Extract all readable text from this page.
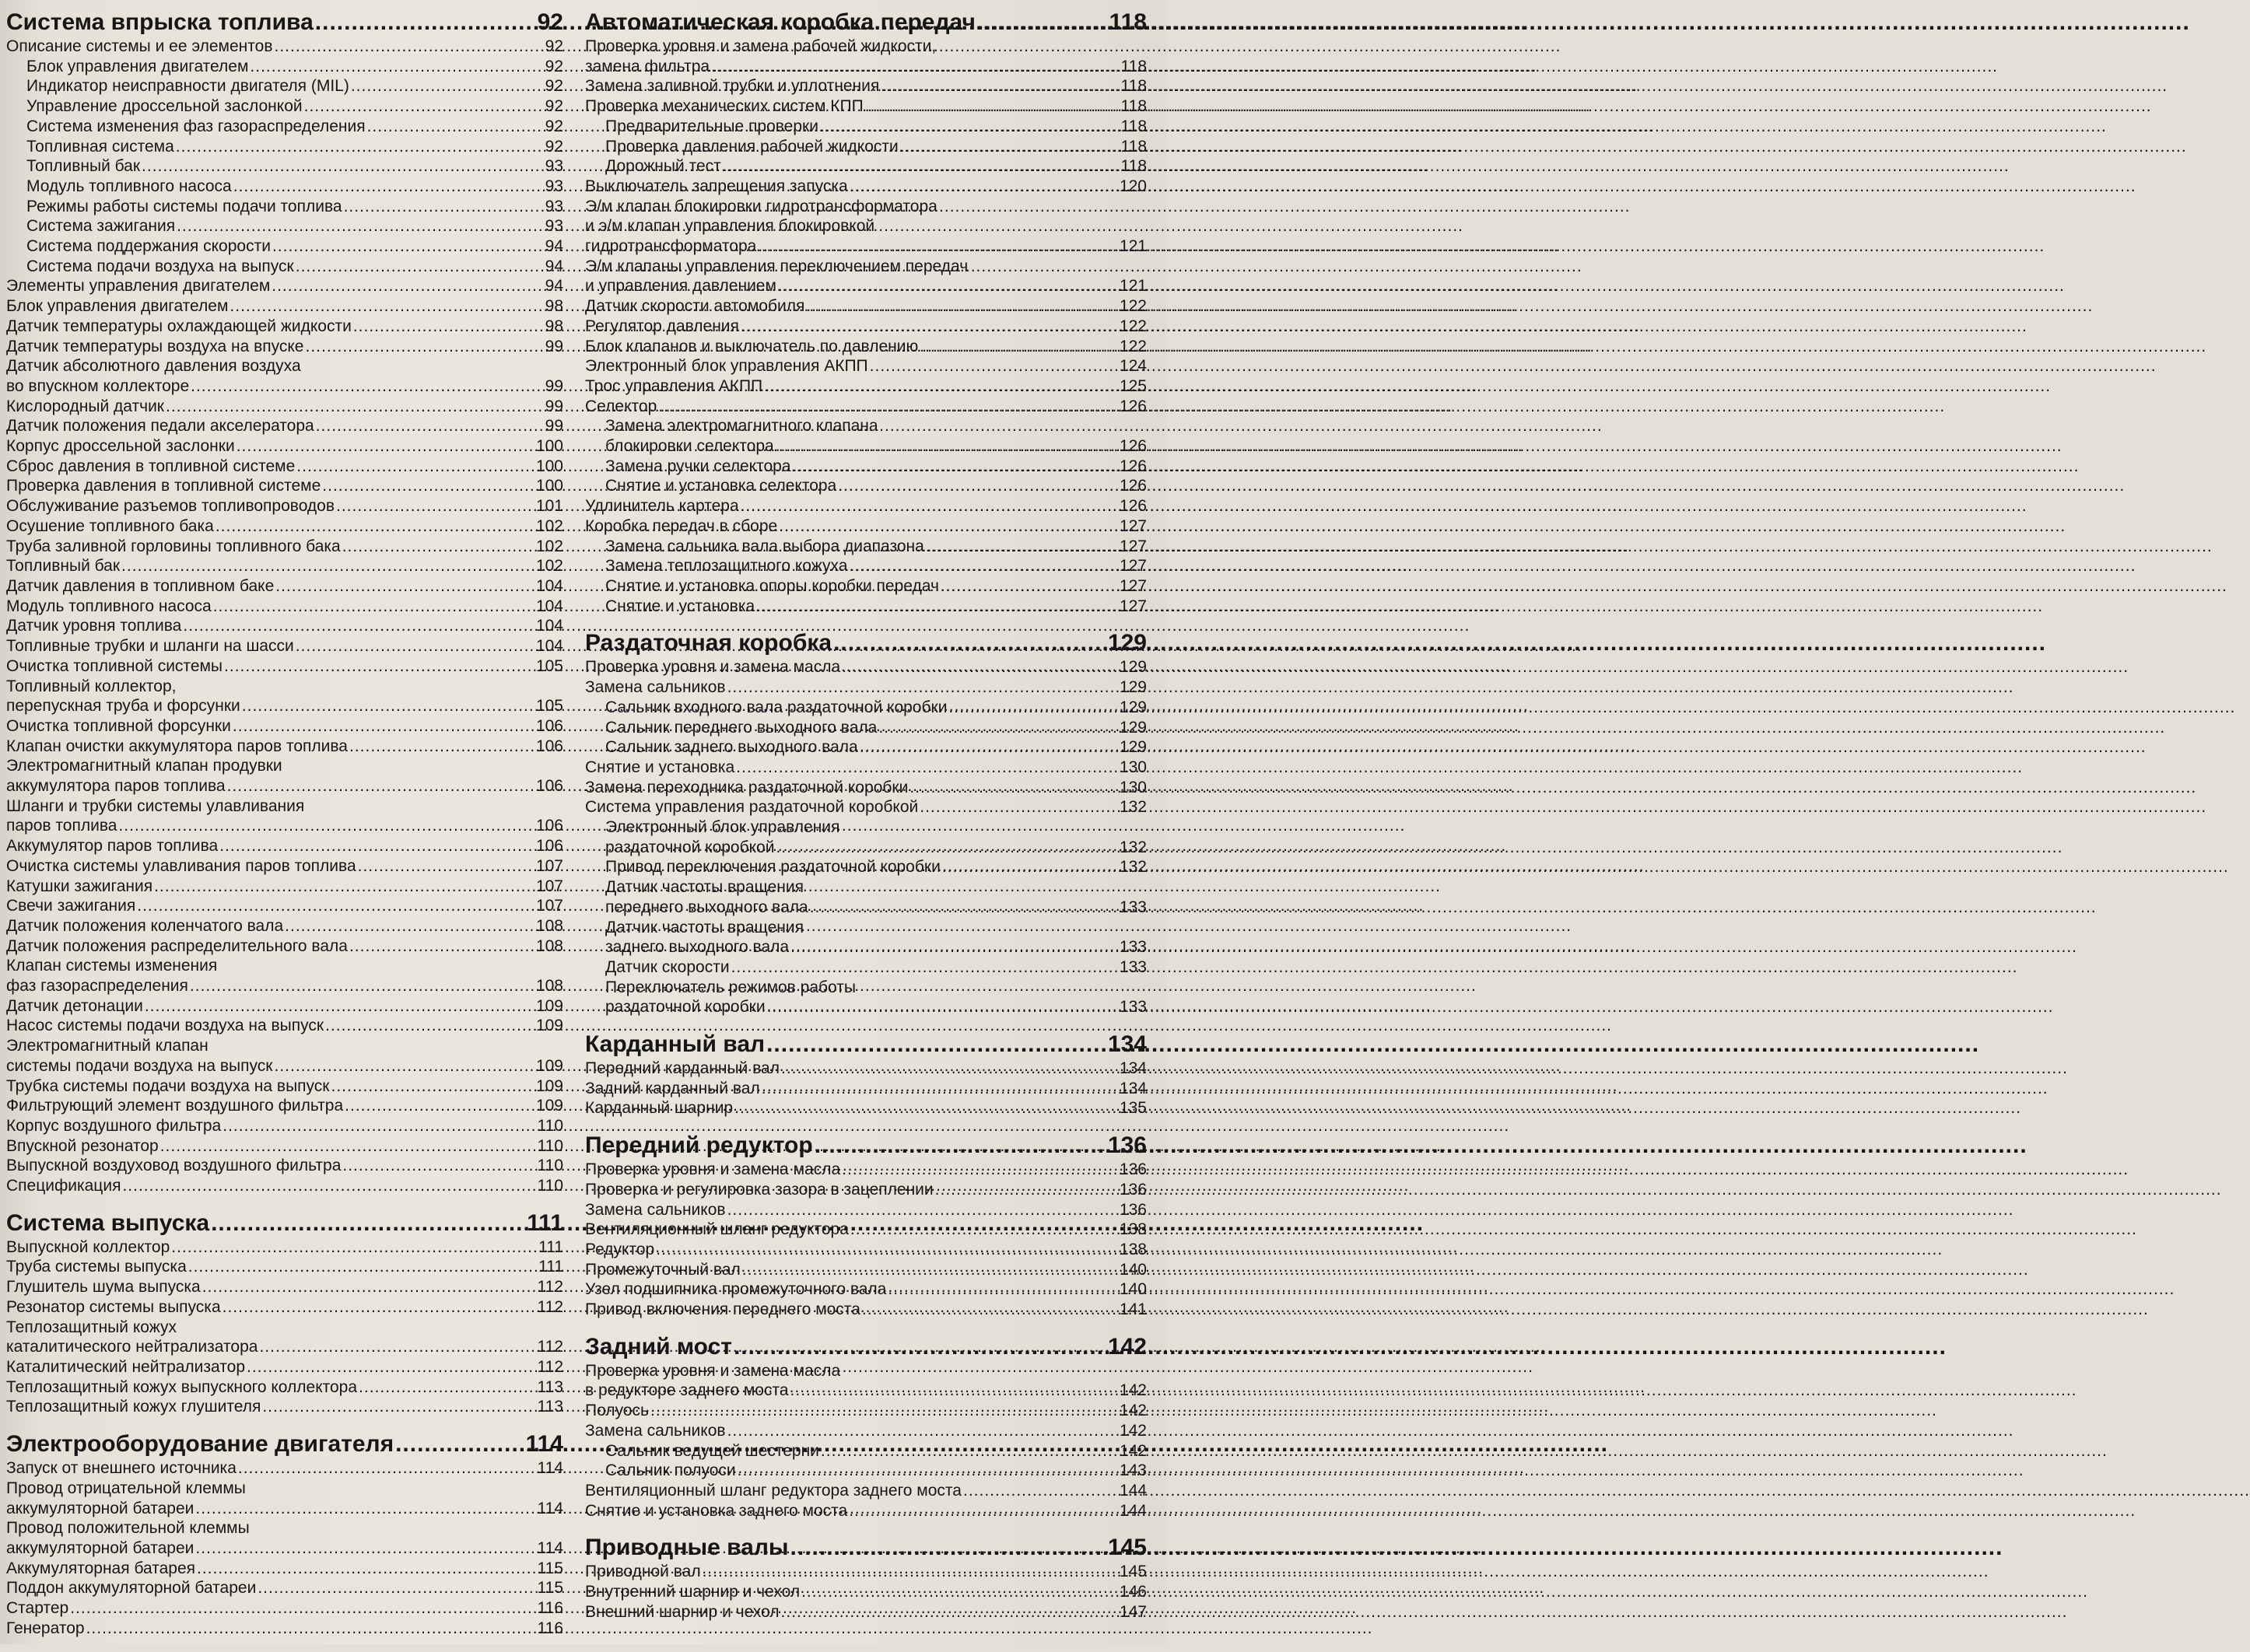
Система впрыска топлива .....	92
Описание системы и ее элементов .....	92
Блок управления двигателем .....	92
Индикатор неисправности двигателя (MIL) .....	92
Управление дроссельной заслонкой .....	92
Система изменения фаз газораспределения .....	92
Топливная система .....	92
Топливный бак .....	93
Модуль топливного насоса .....	93
Режимы работы системы подачи топлива .....	93
Система зажигания .....	93
Система поддержания скорости .....	94
Система подачи воздуха на выпуск .....	94
Элементы управления двигателем .....	94
Блок управления двигателем .....	98
Датчик температуры охлаждающей жидкости .....	98
Датчик температуры воздуха на впуске .....	99
Датчик абсолютного давления воздуха
во впускном коллекторе .....	99
Кислородный датчик .....	99
Датчик положения педали акселератора .....	99
Корпус дроссельной заслонки .....	100
Сброс давления в топливной системе .....	100
Проверка давления в топливной системе .....	100
Обслуживание разъемов топливопроводов .....	101
Осушение топливного бака .....	102
Труба заливной горловины топливного бака .....	102
Топливный бак .....	102
Датчик давления в топливном баке .....	104
Модуль топливного насоса .....	104
Датчик уровня топлива .....	104
Топливные трубки и шланги на шасси .....	104
Очистка топливной системы .....	105
Топливный коллектор,
перепускная труба и форсунки .....	105
Очистка топливной форсунки .....	106
Клапан очистки аккумулятора паров топлива .....	106
Электромагнитный клапан продувки
аккумулятора паров топлива .....	106
Шланги и трубки системы улавливания
паров топлива .....	106
Аккумулятор паров топлива .....	106
Очистка системы улавливания паров топлива .....	107
Катушки зажигания .....	107
Свечи зажигания .....	107
Датчик положения коленчатого вала .....	108
Датчик положения распределительного вала .....	108
Клапан системы изменения
фаз газораспределения .....	108
Датчик детонации .....	109
Насос системы подачи воздуха на выпуск .....	109
Электромагнитный клапан
системы подачи воздуха на выпуск .....	109
Трубка системы подачи воздуха на выпуск .....	109
Фильтрующий элемент воздушного фильтра .....	109
Корпус воздушного фильтра .....	110
Впускной резонатор .....	110
Выпускной воздуховод воздушного фильтра .....	110
Спецификация .....	110
Система выпуска .....	111
Выпускной коллектор .....	111
Труба системы выпуска .....	111
Глушитель шума выпуска .....	112
Резонатор системы выпуска .....	112
Теплозащитный кожух
каталитического нейтрализатора .....	112
Каталитический нейтрализатор .....	112
Теплозащитный кожух выпускного коллектора .....	113
Теплозащитный кожух глушителя .....	113
Электрооборудование двигателя .....	114
Запуск от внешнего источника .....	114
Провод отрицательной клеммы
аккумуляторной батареи .....	114
Провод положительной клеммы
аккумуляторной батареи .....	114
Аккумуляторная батарея .....	115
Поддон аккумуляторной батареи .....	115
Стартер .....	116
Генератор .....	116
Автоматическая коробка передач .....	118
Проверка уровня и замена рабочей жидкости,
замена фильтра .....	118
Замена заливной трубки и уплотнения .....	118
Проверка механических систем КПП .....	118
Предварительные проверки .....	118
Проверка давления рабочей жидкости .....	118
Дорожный тест .....	118
Выключатель запрещения запуска .....	120
Э/м клапан блокировки гидротрансформатора
и э/м клапан управления блокировкой
гидротрансформатора .....	121
Э/м клапаны управления переключением передач
и управления давлением .....	121
Датчик скорости автомобиля .....	122
Регулятор давления .....	122
Блок клапанов и выключатель по давлению .....	122
Электронный блок управления АКПП .....	124
Трос управления АКПП .....	125
Селектор .....	126
Замена электромагнитного клапана
блокировки селектора .....	126
Замена ручки селектора .....	126
Снятие и установка селектора .....	126
Удлинитель картера .....	126
Коробка передач в сборе .....	127
Замена сальника вала выбора диапазона .....	127
Замена теплозащитного кожуха .....	127
Снятие и установка опоры коробки передач .....	127
Снятие и установка .....	127
Раздаточная коробка .....	129
Проверка уровня и замена масла .....	129
Замена сальников .....	129
Сальник входного вала раздаточной коробки .....	129
Сальник переднего выходного вала .....	129
Сальник заднего выходного вала .....	129
Снятие и установка .....	130
Замена переходника раздаточной коробки .....	130
Система управления раздаточной коробкой .....	132
Электронный блок управления
раздаточной коробкой .....	132
Привод переключения раздаточной коробки .....	132
Датчик частоты вращения
переднего выходного вала .....	133
Датчик частоты вращения
заднего выходного вала .....	133
Датчик скорости .....	133
Переключатель режимов работы
раздаточной коробки .....	133
Карданный вал .....	134
Передний карданный вал .....	134
Задний карданный вал .....	134
Карданный шарнир .....	135
Передний редуктор .....	136
Проверка уровня и замена масла .....	136
Проверка и регулировка зазора в зацеплении .....	136
Замена сальников .....	136
Вентиляционный шланг редуктора .....	138
Редуктор .....	138
Промежуточный вал .....	140
Узел подшипника промежуточного вала .....	140
Привод включения переднего моста .....	141
Задний мост .....	142
Проверка уровня и замена масла
в редукторе заднего моста .....	142
Полуось .....	142
Замена сальников .....	142
Сальник ведущей шестерни .....	142
Сальник полуоси .....	143
Вентиляционный шланг редуктора заднего моста .....	144
Снятие и установка заднего моста .....	144
Приводные валы .....	145
Приводной вал .....	145
Внутренний шарнир и чехол .....	146
Внешний шарнир и чехол .....	147
